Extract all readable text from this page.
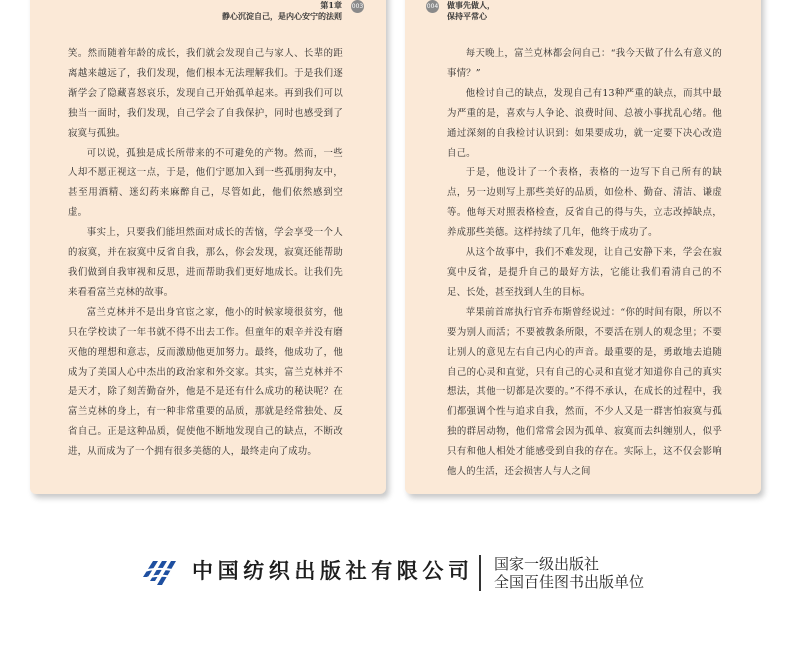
第1章
静心沉淀自己，是内心安宁的法则
003

笑。然而随着年龄的成长，我们就会发现自己与家人、长辈的距离越来越远了，我们发现，他们根本无法理解我们。于是我们逐渐学会了隐藏喜怒哀乐，发现自己开始孤单起来。再到我们可以独当一面时，我们发现，自己学会了自我保护，同时也感受到了寂寞与孤独。

可以说，孤独是成长所带来的不可避免的产物。然而，一些人却不愿正视这一点，于是，他们宁愿加入到一些孤朋狗友中，甚至用酒精、迷幻药来麻醉自己，尽管如此，他们依然感到空虚。

事实上，只要我们能坦然面对成长的苦恼，学会享受一个人的寂寞，并在寂寞中反省自我，那么，你会发现，寂寞还能帮助我们做到自我审视和反思，进而帮助我们更好地成长。让我们先来看看富兰克林的故事。

富兰克林并不是出身官宦之家，他小的时候家境很贫穷，他只在学校读了一年书就不得不出去工作。但童年的艰辛并没有磨灭他的理想和意志，反而激励他更加努力。最终，他成功了，他成为了美国人心中杰出的政治家和外交家。其实，富兰克林并不是天才，除了刻苦勤奋外，他是不是还有什么成功的秘诀呢？在富兰克林的身上，有一种非常重要的品质，那就是经常独处、反省自己。正是这种品质，促使他不断地发现自己的缺点，不断改进，从而成为了一个拥有很多美德的人，最终走向了成功。

004 做事先做人，
保持平常心

每天晚上，富兰克林都会问自己：“我今天做了什么有意义的事情？”

他检讨自己的缺点，发现自己有13种严重的缺点，而其中最为严重的是，喜欢与人争论、浪费时间、总被小事扰乱心绪。他通过深刻的自我检讨认识到：如果要成功，就一定要下决心改造自己。

于是，他设计了一个表格，表格的一边写下自己所有的缺点，另一边则写上那些美好的品质，如俭朴、勤奋、清洁、谦虚等。他每天对照表格检查，反省自己的得与失，立志改掉缺点，养成那些美德。这样持续了几年，他终于成功了。

从这个故事中，我们不难发现，让自己安静下来，学会在寂寞中反省，是提升自己的最好方法，它能让我们看清自己的不足、长处，甚至找到人生的目标。

苹果前首席执行官乔布斯曾经说过：“你的时间有限，所以不要为别人而活；不要被教条所限，不要活在别人的观念里；不要让别人的意见左右自己内心的声音。最重要的是，勇敢地去追随自己的心灵和直觉，只有自己的心灵和直觉才知道你自己的真实想法，其他一切都是次要的。”不得不承认，在成长的过程中，我们都强调个性与追求自我，然而，不少人又是一群害怕寂寞与孤独的群居动物，他们常常会因为孤单、寂寞而去纠缠别人，似乎只有和他人相处才能感受到自我的存在。实际上，这不仅会影响他人的生活，还会损害人与人之间

中国纺织出版社有限公司 国家一级出版社
全国百佳图书出版单位
